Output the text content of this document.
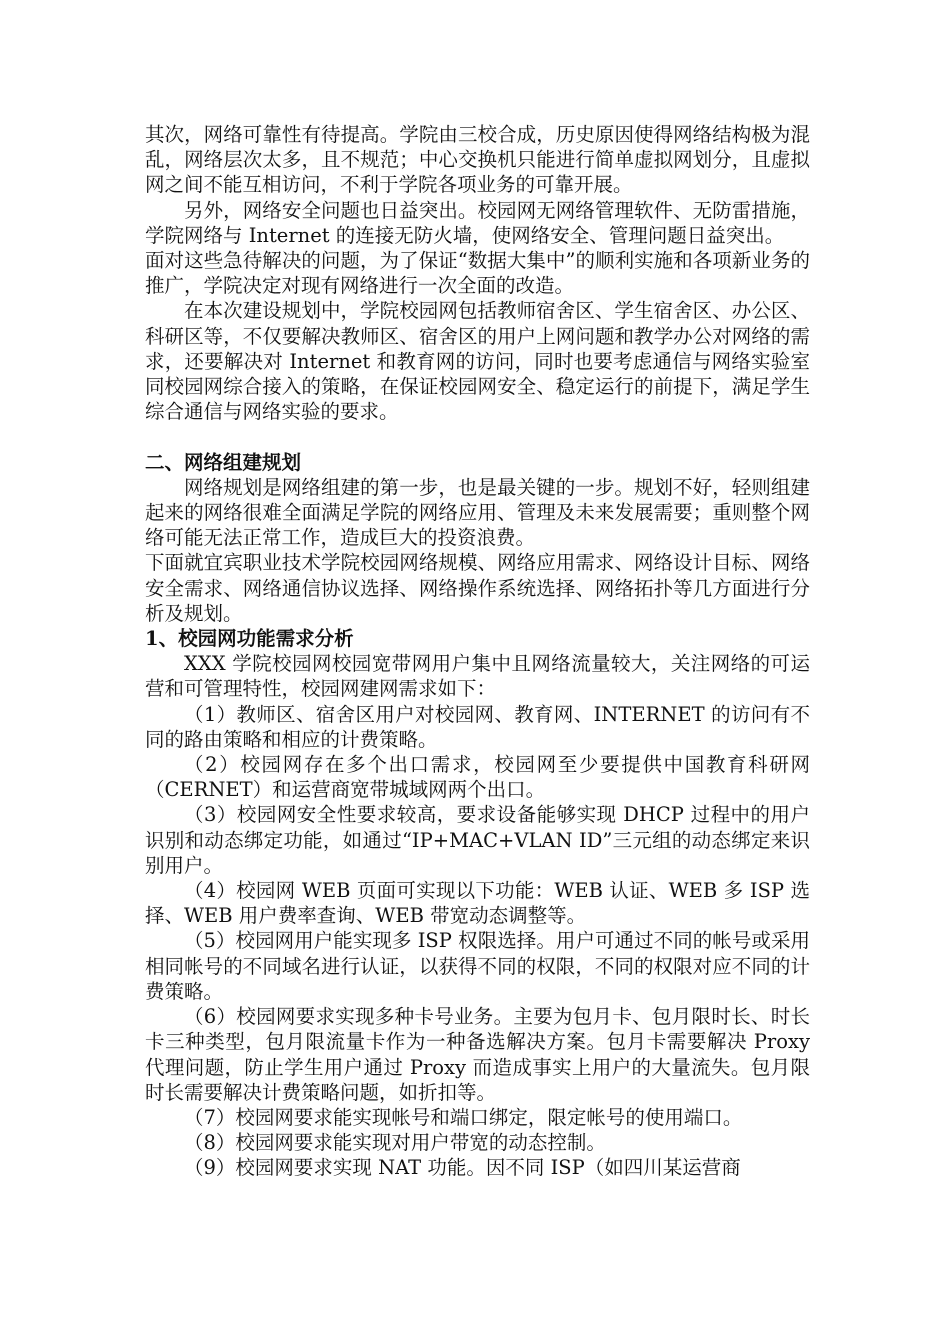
其次，网络可靠性有待提高。学院由三校合成，历史原因使得网络结构极为混乱，网络层次太多，且不规范；中心交换机只能进行简单虚拟网划分，且虚拟网之间不能互相访问，不利于学院各项业务的可靠开展。

另外，网络安全问题也日益突出。校园网无网络管理软件、无防雷措施，学院网络与 Internet 的连接无防火墙，使网络安全、管理问题日益突出。

面对这些急待解决的问题，为了保证“数据大集中”的顺利实施和各项新业务的推广，学院决定对现有网络进行一次全面的改造。

在本次建设规划中，学院校园网包括教师宿舍区、学生宿舍区、办公区、科研区等，不仅要解决教师区、宿舍区的用户上网问题和教学办公对网络的需求，还要解决对 Internet 和教育网的访问，同时也要考虑通信与网络实验室同校园网综合接入的策略，在保证校园网安全、稳定运行的前提下，满足学生综合通信与网络实验的要求。

二、网络组建规划

网络规划是网络组建的第一步，也是最关键的一步。规划不好，轻则组建起来的网络很难全面满足学院的网络应用、管理及未来发展需要；重则整个网络可能无法正常工作，造成巨大的投资浪费。

下面就宜宾职业技术学院校园网络规模、网络应用需求、网络设计目标、网络安全需求、网络通信协议选择、网络操作系统选择、网络拓扑等几方面进行分析及规划。

1、校园网功能需求分析

XXX 学院校园网校园宽带网用户集中且网络流量较大，关注网络的可运营和可管理特性，校园网建网需求如下：

（1）教师区、宿舍区用户对校园网、教育网、INTERNET 的访问有不同的路由策略和相应的计费策略。

（2）校园网存在多个出口需求，校园网至少要提供中国教育科研网（CERNET）和运营商宽带城域网两个出口。

（3）校园网安全性要求较高，要求设备能够实现 DHCP 过程中的用户识别和动态绑定功能，如通过“IP+MAC+VLAN ID”三元组的动态绑定来识别用户。

（4）校园网 WEB 页面可实现以下功能：WEB 认证、WEB 多 ISP 选择、WEB 用户费率查询、WEB 带宽动态调整等。

（5）校园网用户能实现多 ISP 权限选择。用户可通过不同的帐号或采用相同帐号的不同域名进行认证，以获得不同的权限，不同的权限对应不同的计费策略。

（6）校园网要求实现多种卡号业务。主要为包月卡、包月限时长、时长卡三种类型，包月限流量卡作为一种备选解决方案。包月卡需要解决 Proxy 代理问题，防止学生用户通过 Proxy 而造成事实上用户的大量流失。包月限时长需要解决计费策略问题，如折扣等。

（7）校园网要求能实现帐号和端口绑定，限定帐号的使用端口。

（8）校园网要求能实现对用户带宽的动态控制。

（9）校园网要求实现 NAT 功能。因不同 ISP（如四川某运营商
